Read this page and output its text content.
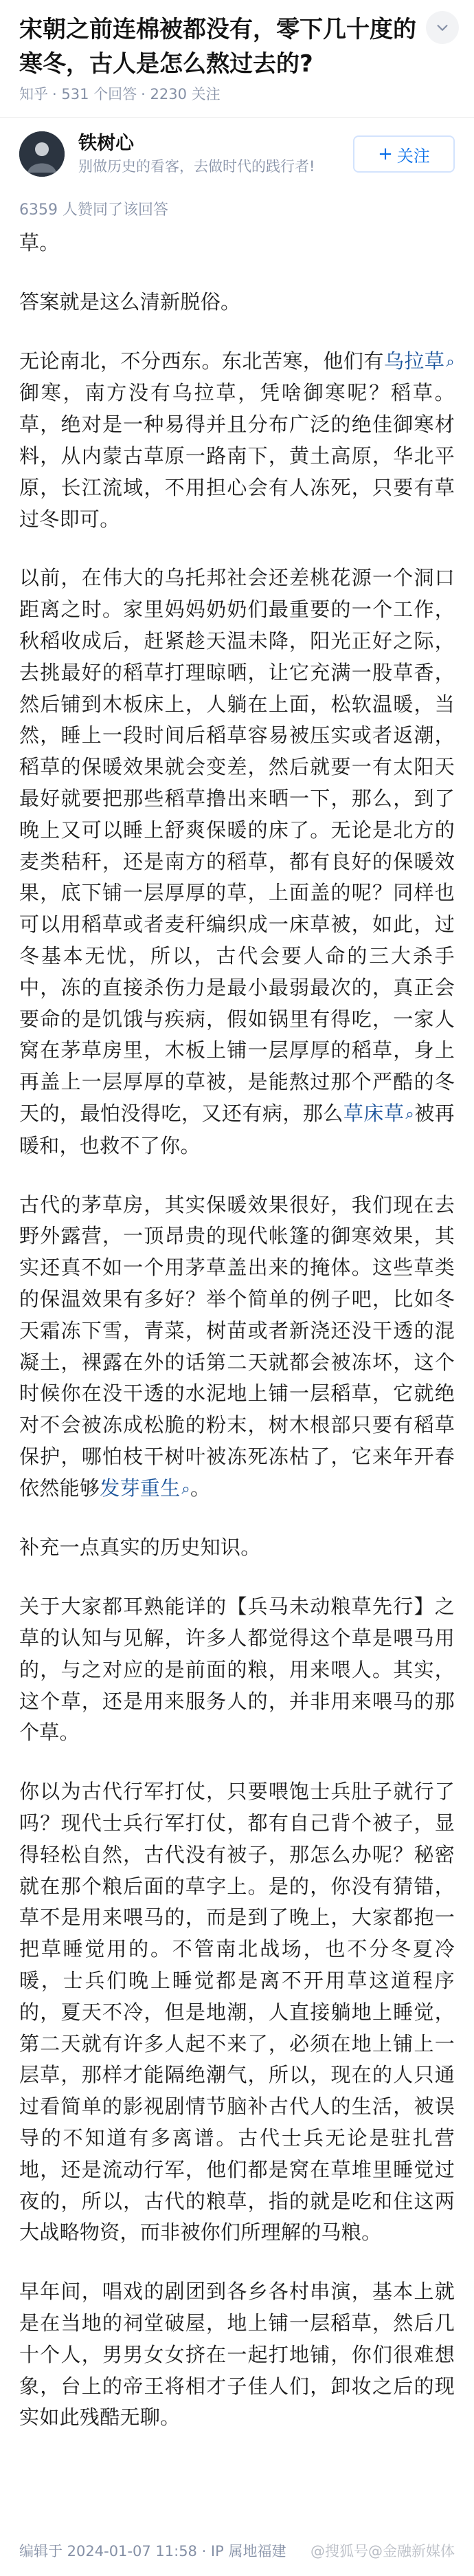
宋朝之前连棉被都没有，零下几十度的寒冬，古人是怎么熬过去的?
知乎 · 531 个回答 · 2230 关注
铁树心
别做历史的看客，去做时代的践行者!
+ 关注
6359 人赞同了该回答

草。

答案就是这么清新脱俗。

无论南北，不分西东。东北苦寒，他们有乌拉草⌕御寒，南方没有乌拉草，凭啥御寒呢？稻草。草，绝对是一种易得并且分布广泛的绝佳御寒材料，从内蒙古草原一路南下，黄土高原，华北平原，长江流域，不用担心会有人冻死，只要有草过冬即可。

以前，在伟大的乌托邦社会还差桃花源一个洞口距离之时。家里妈妈奶奶们最重要的一个工作，秋稻收成后，赶紧趁天温未降，阳光正好之际，去挑最好的稻草打理晾晒，让它充满一股草香，然后铺到木板床上，人躺在上面，松软温暖，当然，睡上一段时间后稻草容易被压实或者返潮，稻草的保暖效果就会变差，然后就要一有太阳天最好就要把那些稻草撸出来晒一下，那么，到了晚上又可以睡上舒爽保暖的床了。无论是北方的麦类秸秆，还是南方的稻草，都有良好的保暖效果，底下铺一层厚厚的草，上面盖的呢？同样也可以用稻草或者麦秆编织成一床草被，如此，过冬基本无忧，所以，古代会要人命的三大杀手中，冻的直接杀伤力是最小最弱最次的，真正会要命的是饥饿与疾病，假如锅里有得吃，一家人窝在茅草房里，木板上铺一层厚厚的稻草，身上再盖上一层厚厚的草被，是能熬过那个严酷的冬天的，最怕没得吃，又还有病，那么草床草⌕被再暖和，也救不了你。

古代的茅草房，其实保暖效果很好，我们现在去野外露营，一顶昂贵的现代帐篷的御寒效果，其实还真不如一个用茅草盖出来的掩体。这些草类的保温效果有多好？举个简单的例子吧，比如冬天霜冻下雪，青菜，树苗或者新浇还没干透的混凝土，裸露在外的话第二天就都会被冻坏，这个时候你在没干透的水泥地上铺一层稻草，它就绝对不会被冻成松脆的粉末，树木根部只要有稻草保护，哪怕枝干树叶被冻死冻枯了，它来年开春依然能够发芽重生⌕。

补充一点真实的历史知识。

关于大家都耳熟能详的【兵马未动粮草先行】之草的认知与见解，许多人都觉得这个草是喂马用的，与之对应的是前面的粮，用来喂人。其实，这个草，还是用来服务人的，并非用来喂马的那个草。

你以为古代行军打仗，只要喂饱士兵肚子就行了吗？现代士兵行军打仗，都有自己背个被子，显得轻松自然，古代没有被子，那怎么办呢？秘密就在那个粮后面的草字上。是的，你没有猜错，草不是用来喂马的，而是到了晚上，大家都抱一把草睡觉用的。不管南北战场，也不分冬夏冷暖，士兵们晚上睡觉都是离不开用草这道程序的，夏天不冷，但是地潮，人直接躺地上睡觉，第二天就有许多人起不来了，必须在地上铺上一层草，那样才能隔绝潮气，所以，现在的人只通过看简单的影视剧情节脑补古代人的生活，被误导的不知道有多离谱。古代士兵无论是驻扎营地，还是流动行军，他们都是窝在草堆里睡觉过夜的，所以，古代的粮草，指的就是吃和住这两大战略物资，而非被你们所理解的马粮。

早年间，唱戏的剧团到各乡各村串演，基本上就是在当地的祠堂破屋，地上铺一层稻草，然后几十个人，男男女女挤在一起打地铺，你们很难想象，台上的帝王将相才子佳人们，卸妆之后的现实如此残酷无聊。

编辑于 2024-01-07 11:58 · IP 属地福建 @搜狐号@金融新媒体
